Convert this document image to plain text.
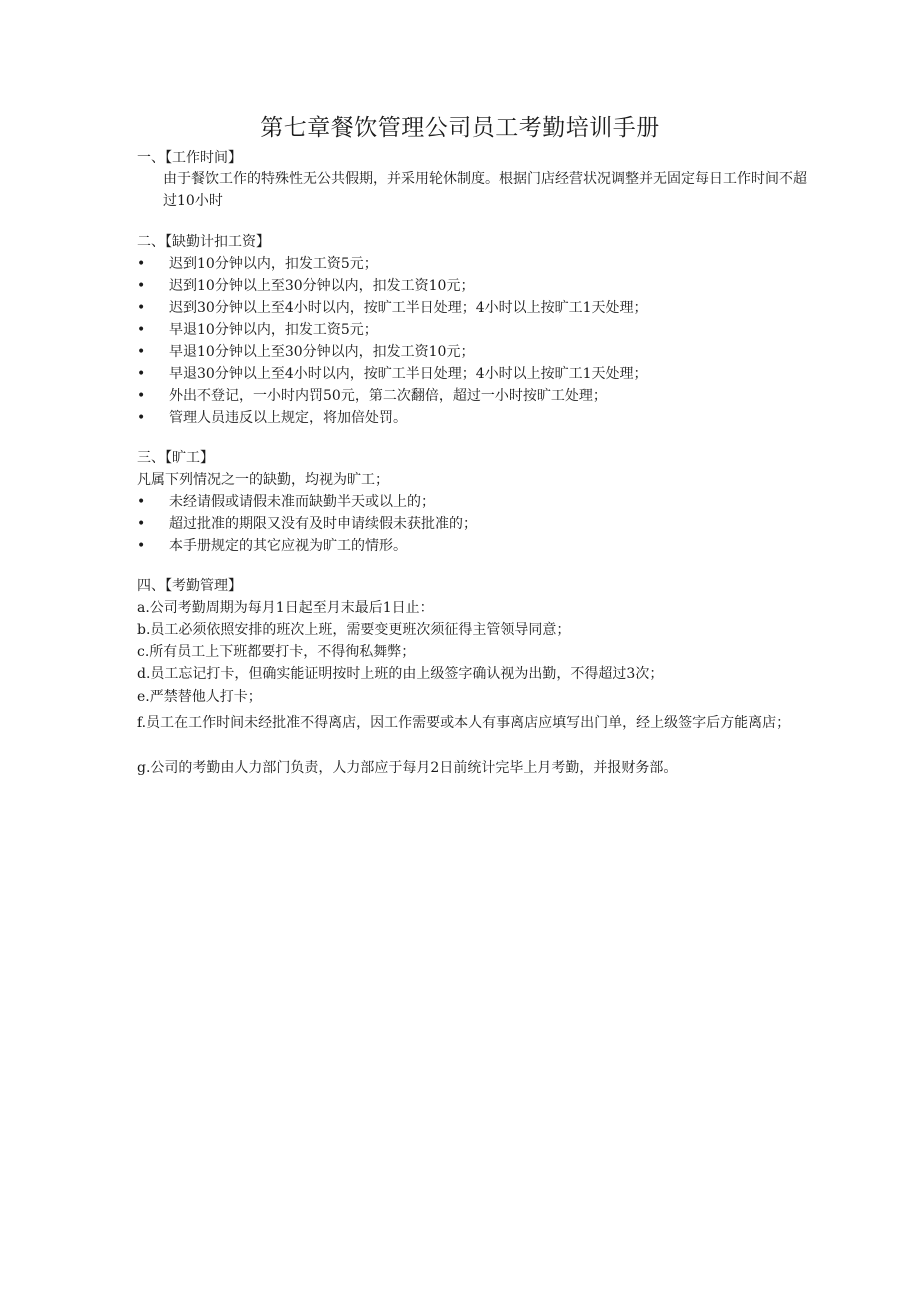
第七章餐饮管理公司员工考勤培训手册
一、【工作时间】
由于餐饮工作的特殊性无公共假期，并采用轮休制度。根据门店经营状况调整并无固定每日工作时间不超过10小时
二、【缺勤计扣工资】
•	迟到10分钟以内，扣发工资5元；
•	迟到10分钟以上至30分钟以内，扣发工资10元；
•	迟到30分钟以上至4小时以内，按旷工半日处理；4小时以上按旷工1天处理；
•	早退10分钟以内，扣发工资5元；
•	早退10分钟以上至30分钟以内，扣发工资10元；
•	早退30分钟以上至4小时以内，按旷工半日处理；4小时以上按旷工1天处理；
•	外出不登记，一小时内罚50元，第二次翻倍，超过一小时按旷工处理；
•	管理人员违反以上规定，将加倍处罚。
三、【旷工】
凡属下列情况之一的缺勤，均视为旷工；
•	未经请假或请假未准而缺勤半天或以上的；
•	超过批准的期限又没有及时申请续假未获批准的；
•	本手册规定的其它应视为旷工的情形。
四、【考勤管理】
a.公司考勤周期为每月1日起至月末最后1日止：
b.员工必须依照安排的班次上班，需要变更班次须征得主管领导同意；
c.所有员工上下班都要打卡，不得徇私舞弊；
d.员工忘记打卡，但确实能证明按时上班的由上级签字确认视为出勤，不得超过3次；
e.严禁替他人打卡；
f.员工在工作时间未经批准不得离店，因工作需要或本人有事离店应填写出门单，经上级签字后方能离店；
g.公司的考勤由人力部门负责，人力部应于每月2日前统计完毕上月考勤，并报财务部。
